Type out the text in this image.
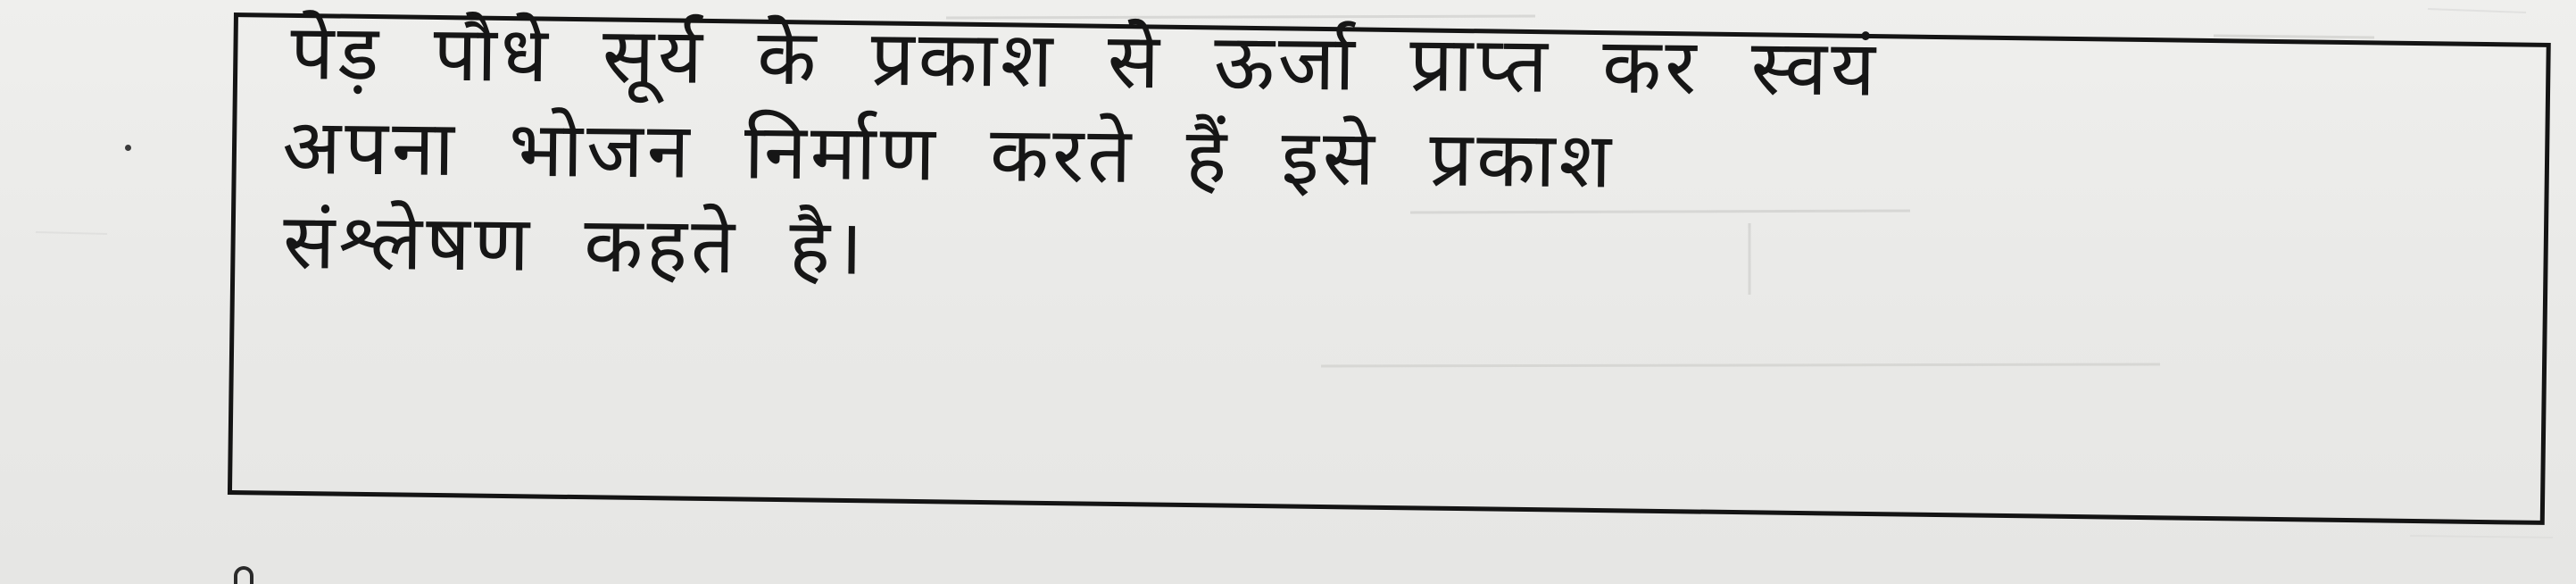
पेड़ पौधे सूर्य के प्रकाश से ऊर्जा प्राप्त कर स्वयं
अपना भोजन निर्माण करते हैं इसे प्रकाश
संश्लेषण कहते है।
